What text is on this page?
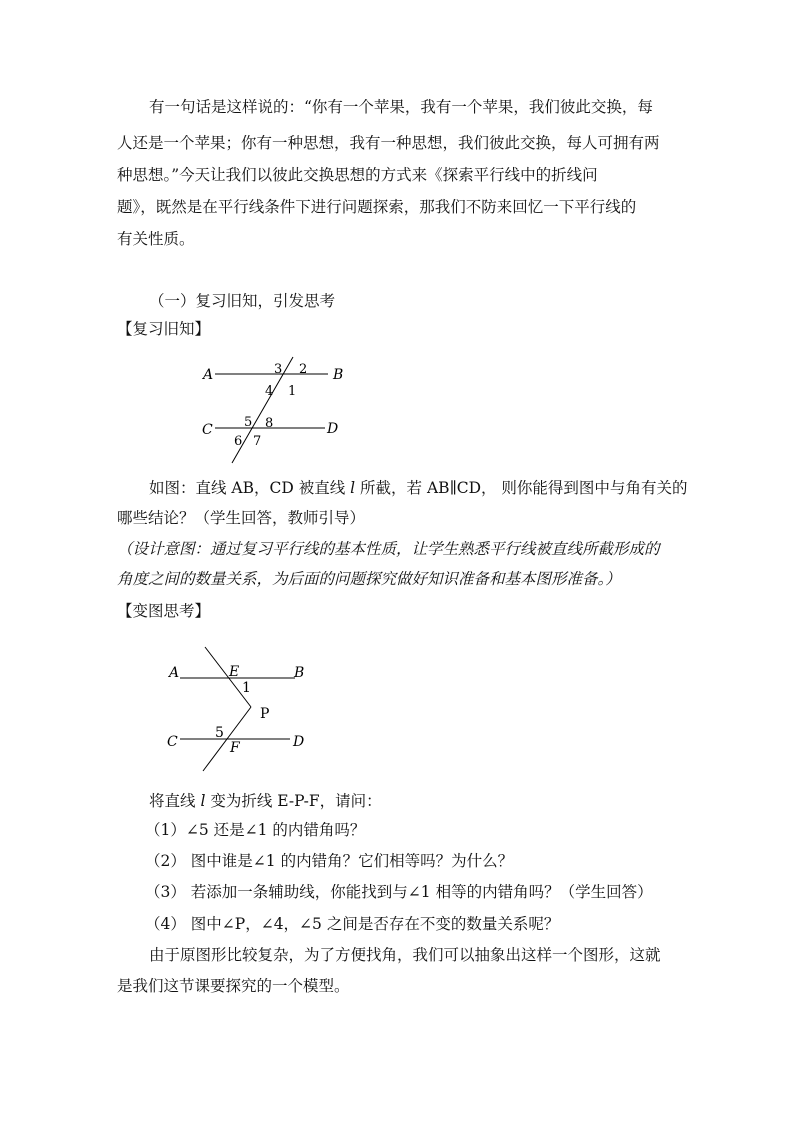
有一句话是这样说的：“你有一个苹果，我有一个苹果，我们彼此交换，每

人还是一个苹果；你有一种思想，我有一种思想，我们彼此交换，每人可拥有两

种思想。”今天让我们以彼此交换思想的方式来《探索平行线中的折线问

题》，既然是在平行线条件下进行问题探索，那我们不防来回忆一下平行线的

有关性质。

（一）复习旧知，引发思考

【复习旧知】

A	B
C	D
3 2
4 1
5 8
6 7

如图：直线 AB，CD 被直线 l 所截，若 AB∥CD， 则你能得到图中与角有关的

哪些结论？（学生回答，教师引导）

（设计意图：通过复习平行线的基本性质，让学生熟悉平行线被直线所截形成的

角度之间的数量关系，为后面的问题探究做好知识准备和基本图形准备。）

【变图思考】

A	B
C	D
E
F
P
1
5

将直线 l 变为折线 E-P-F，请问：

（1）∠5 还是∠1 的内错角吗？

（2） 图中谁是∠1 的内错角？它们相等吗？为什么？

（3） 若添加一条辅助线，你能找到与∠1 相等的内错角吗？（学生回答）

（4） 图中∠P，∠4，∠5 之间是否存在不变的数量关系呢？

由于原图形比较复杂，为了方便找角，我们可以抽象出这样一个图形，这就

是我们这节课要探究的一个模型。
